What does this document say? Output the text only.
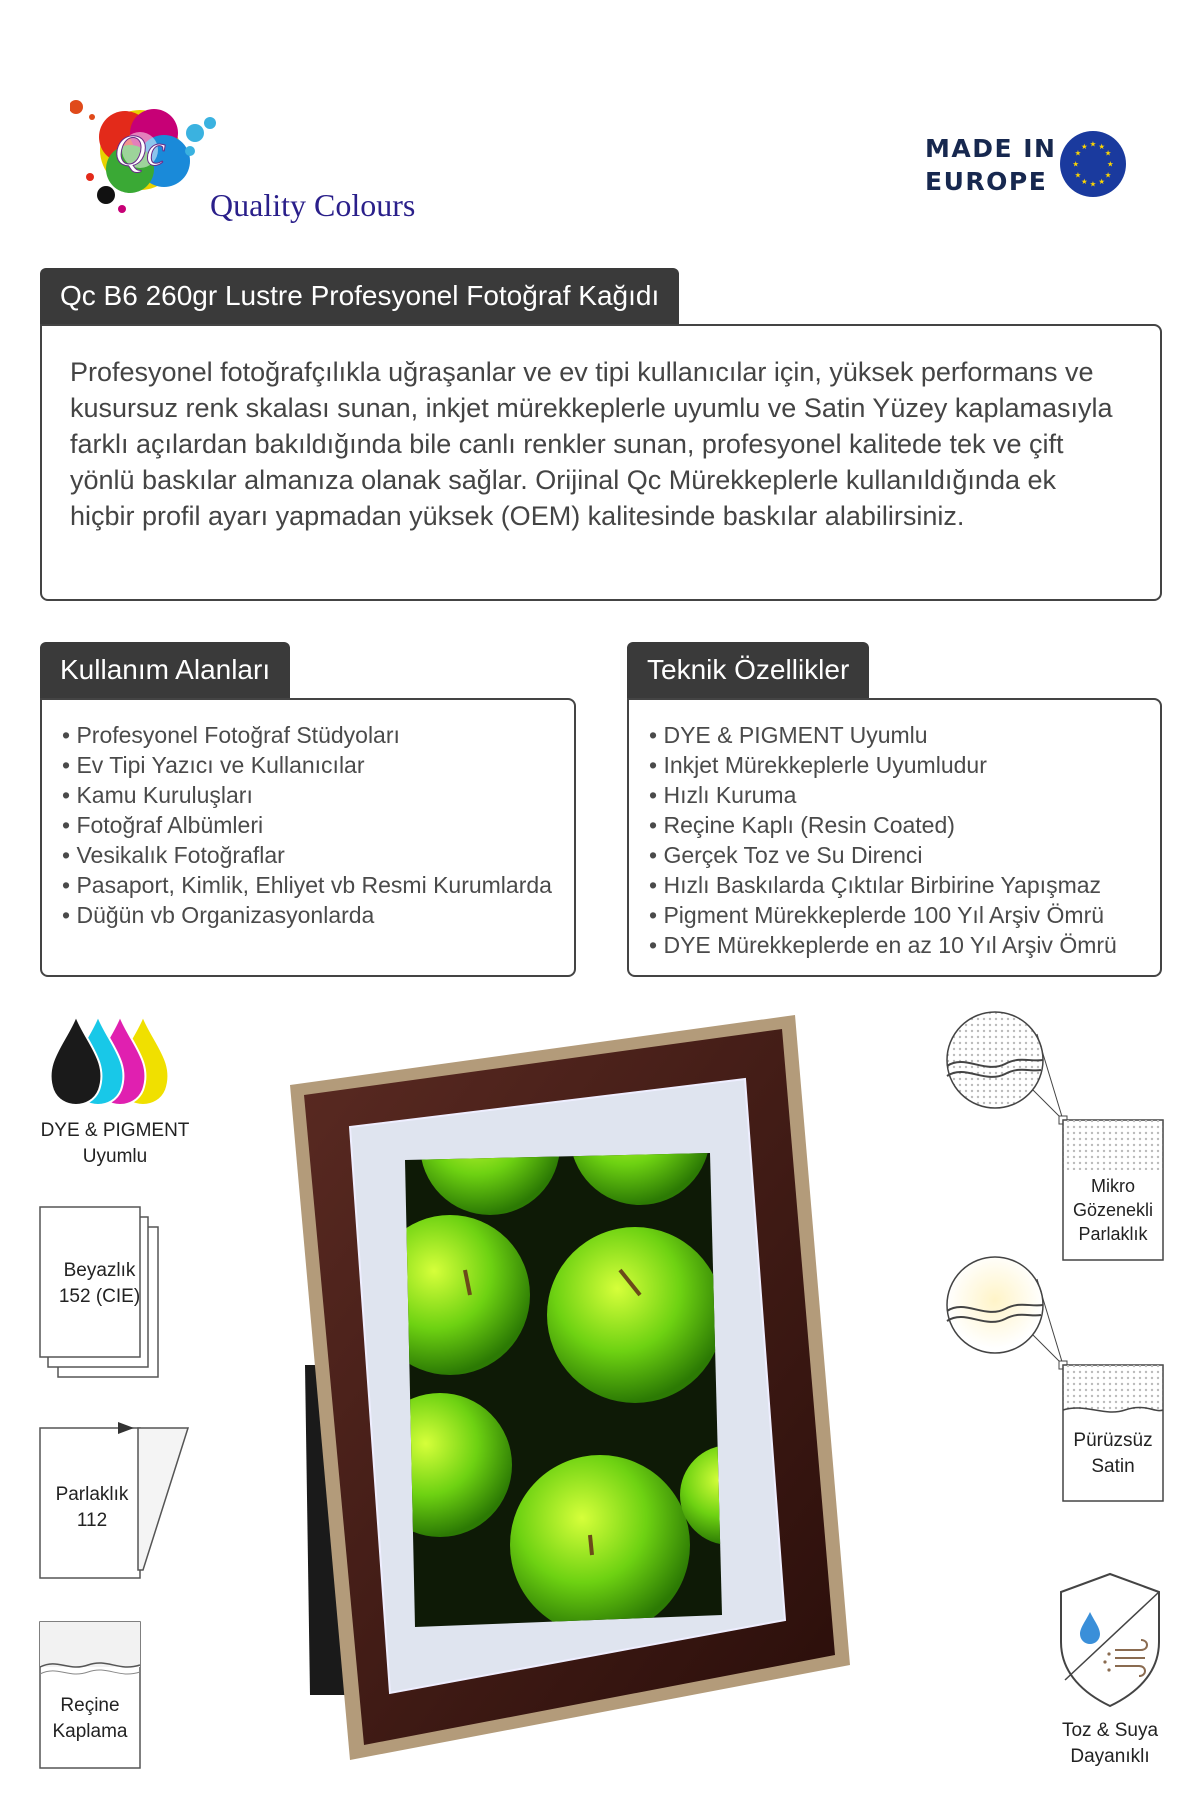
Qc
Quality Colours
MADE IN
EUROPE
★ ★
★
★
★
★
★
★
★
★
★
★
Qc B6 260gr Lustre Profesyonel Fotoğraf Kağıdı
Profesyonel fotoğrafçılıkla uğraşanlar ve ev tipi kullanıcılar için, yüksek performans ve kusursuz renk skalası sunan, inkjet mürekkeplerle uyumlu ve Satin Yüzey kaplamasıyla farklı açılardan bakıldığında bile canlı renkler sunan, profesyonel kalitede tek ve çift yönlü baskılar almanıza olanak sağlar. Orijinal Qc Mürekkeplerle kullanıldığında ek hiçbir profil ayarı yapmadan yüksek (OEM) kalitesinde baskılar alabilirsiniz.
Kullanım Alanları
• Profesyonel Fotoğraf Stüdyoları
• Ev Tipi Yazıcı ve Kullanıcılar
• Kamu Kuruluşları
• Fotoğraf Albümleri
• Vesikalık Fotoğraflar
• Pasaport, Kimlik, Ehliyet vb Resmi Kurumlarda
• Düğün vb Organizasyonlarda
Teknik Özellikler
• DYE & PIGMENT Uyumlu
• Inkjet Mürekkeplerle Uyumludur
• Hızlı Kuruma
• Reçine Kaplı (Resin Coated)
• Gerçek Toz ve Su Direnci
• Hızlı Baskılarda Çıktılar Birbirine Yapışmaz
• Pigment Mürekkeplerde 100 Yıl Arşiv Ömrü
• DYE Mürekkeplerde en az 10 Yıl Arşiv Ömrü
DYE & PIGMENT
Uyumlu
Beyazlık
152 (CIE)
Parlaklık
112
Reçine
Kaplama
Mikro
Gözenekli
Parlaklık
Pürüzsüz
Satin
Toz & Suya
Dayanıklı
